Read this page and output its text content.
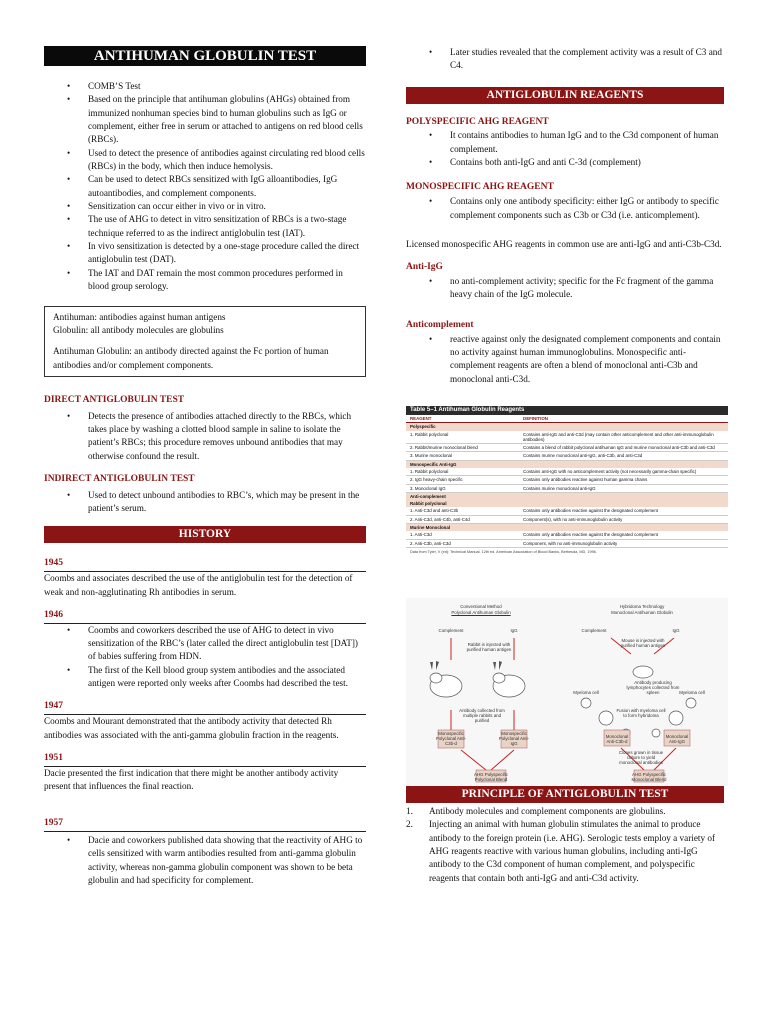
ANTIHUMAN GLOBULIN TEST
• COMB’S Test
• Based on the principle that antihuman globulins (AHGs) obtained from immunized nonhuman species bind to human globulins such as IgG or complement, either free in serum or attached to antigens on red blood cells (RBCs).
• Used to detect the presence of antibodies against circulating red blood cells (RBCs) in the body, which then induce hemolysis.
• Can be used to detect RBCs sensitized with IgG alloantibodies, IgG autoantibodies, and complement components.
• Sensitization can occur either in vivo or in vitro.
• The use of AHG to detect in vitro sensitization of RBCs is a two-stage technique referred to as the indirect antiglobulin test (IAT).
• In vivo sensitization is detected by a one-stage procedure called the direct antiglobulin test (DAT).
• The IAT and DAT remain the most common procedures performed in blood group serology.
Antihuman: antibodies against human antigens
Globulin: all antibody molecules are globulins
Antihuman Globulin: an antibody directed against the Fc portion of human antibodies and/or complement components.
DIRECT ANTIGLOBULIN TEST
• Detects the presence of antibodies attached directly to the RBCs, which takes place by washing a clotted blood sample in saline to isolate the patient’s RBCs; this procedure removes unbound antibodies that may otherwise confound the result.
INDIRECT ANTIGLOBULIN TEST
• Used to detect unbound antibodies to RBC’s, which may be present in the patient’s serum.
HISTORY
1945
Coombs and associates described the use of the antiglobulin test for the detection of weak and non-agglutinating Rh antibodies in serum.
1946
• Coombs and coworkers described the use of AHG to detect in vivo sensitization of the RBC’s (later called the direct antiglobulin test [DAT]) of babies suffering from HDN.
• The first of the Kell blood group system antibodies and the associated antigen were reported only weeks after Coombs had described the test.
1947
Coombs and Mourant demonstrated that the antibody activity that detected Rh antibodies was associated with the anti-gamma globulin fraction in the reagents.
1951
Dacie presented the first indication that there might be another antibody activity present that influences the final reaction.
1957
• Dacie and coworkers published data showing that the reactivity of AHG to cells sensitized with warm antibodies resulted from anti-gamma globulin activity, whereas non-gamma globulin component was shown to be beta globulin and had specificity for complement.
• Later studies revealed that the complement activity was a result of C3 and C4.
ANTIGLOBULIN REAGENTS
POLYSPECIFIC AHG REAGENT
• It contains antibodies to human IgG and to the C3d component of human complement.
• Contains both anti-IgG and anti C-3d (complement)
MONOSPECIFIC AHG REAGENT
• Contains only one antibody specificity: either IgG or antibody to specific complement components such as C3b or C3d (i.e. anticomplement).
Licensed monospecific AHG reagents in common use are anti-IgG and anti-C3b-C3d.
Anti-IgG
• no anti-complement activity; specific for the Fc fragment of the gamma heavy chain of the IgG molecule.
Anticomplement
• reactive against only the designated complement components and contain no activity against human immunoglobulins. Monospecific anti-complement reagents are often a blend of monoclonal anti-C3b and monoclonal anti-C3d.
Table 5–1 Antihuman Globulin Reagents
REAGENT	DEFINITION
Polyspecific
1. Rabbit polyclonal	Contains anti-IgG and anti-C3d (may contain other anticomplement and other anti-immunoglobulin antibodies)
2. Rabbit/murine monoclonal blend	Contains a blend of rabbit polyclonal antihuman IgG and murine monoclonal anti-C3b and anti-C3d
3. Murine monoclonal	Contains murine monoclonal anti-IgG, anti-C3b, and anti-C3d
Monospecific Anti-IgG
1. Rabbit polyclonal	Contains anti-IgG with no anticomplement activity (not necessarily gamma-chain specific)
2. IgG heavy-chain specific	Contains only antibodies reactive against human gamma chains
3. Monoclonal IgG	Contains murine monoclonal anti-IgG
Anti-complement
Rabbit polyclonal
1. Anti-C3d and anti-C3b	Contains only antibodies reactive against the designated complement
2. Anti-C3d, anti-C4b, anti-C4d	Component(s), with no anti-immunoglobulin activity
Murine Monoclonal
1. Anti-C3d	Contains only antibodies reactive against the designated complement
2. Anti-C3b, anti-C3d	Component, with no anti-immunoglobulin activity
Data from Tyler, V (ed): Technical Manual, 12th ed. American Association of Blood Banks, Bethesda, MD, 1996.
Conventional Method
Polyclonal Antihuman Globulin
Hybridoma Technology
Monoclonal Antihuman Globulin
Complement	IgG	Complement	IgG
Rabbit is injected with purified human antigen
Mouse is injected with purified human antigen
Antibody collected from multiple rabbits and purified
Antibody producing lymphocytes collected from spleen
Myeloma cell	Myeloma cell
Fusion with myeloma cell to form hybridoma
Clones grown in tissue culture to yield monoclonal antibodies
Monospecific Polyclonal Anti-C3b-d
Monospecific Polyclonal Anti-IgG
Monoclonal Anti-C3b-d
Monoclonal Anti-IgG
AHG Polyspecific Polyclonal Blend
AHG Polyspecific Monoclonal Blend
PRINCIPLE OF ANTIGLOBULIN TEST
1. Antibody molecules and complement components are globulins.
2. Injecting an animal with human globulin stimulates the animal to produce antibody to the foreign protein (i.e. AHG). Serologic tests employ a variety of AHG reagents reactive with various human globulins, including anti-IgG antibody to the C3d component of human complement, and polyspecific reagents that contain both anti-IgG and anti-C3d activity.
